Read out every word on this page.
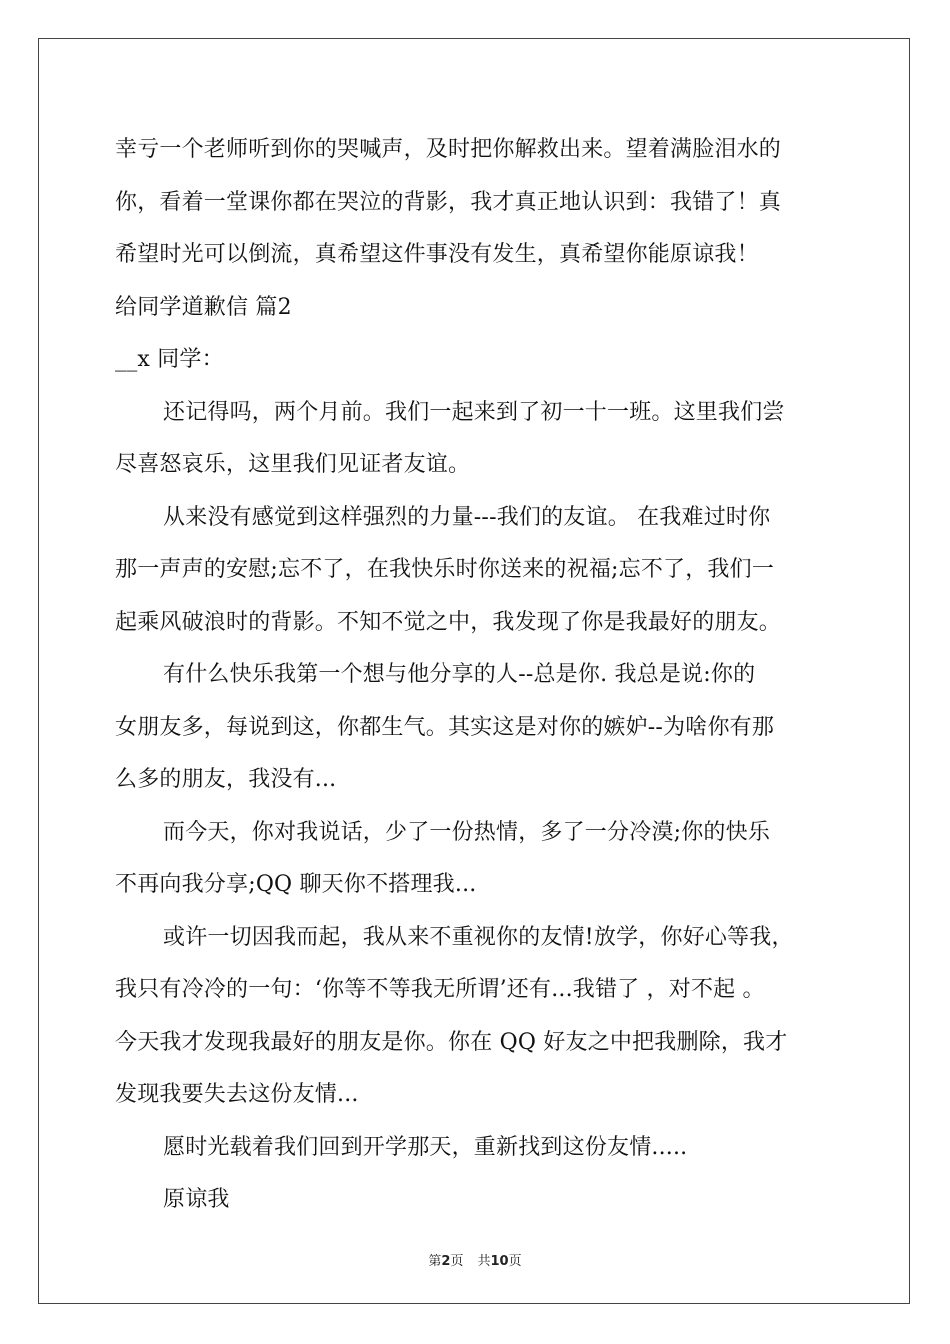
幸亏一个老师听到你的哭喊声，及时把你解救出来。望着满脸泪水的
你，看着一堂课你都在哭泣的背影，我才真正地认识到：我错了！真
希望时光可以倒流，真希望这件事没有发生，真希望你能原谅我！
给同学道歉信 篇2
__x 同学：
还记得吗，两个月前。我们一起来到了初一十一班。这里我们尝
尽喜怒哀乐，这里我们见证者友谊。
从来没有感觉到这样强烈的力量---我们的友谊。 在我难过时你
那一声声的安慰;忘不了，在我快乐时你送来的祝福;忘不了，我们一
起乘风破浪时的背影。不知不觉之中，我发现了你是我最好的朋友。
有什么快乐我第一个想与他分享的人--总是你. 我总是说:你的
女朋友多，每说到这，你都生气。其实这是对你的嫉妒--为啥你有那
么多的朋友，我没有...
而今天，你对我说话，少了一份热情，多了一分冷漠;你的快乐
不再向我分享;QQ 聊天你不搭理我...
或许一切因我而起，我从来不重视你的友情!放学，你好心等我，
我只有冷冷的一句：‘你等不等我无所谓’还有...我错了 ，对不起 。
今天我才发现我最好的朋友是你。你在 QQ 好友之中把我删除，我才
发现我要失去这份友情...
愿时光载着我们回到开学那天，重新找到这份友情.....
原谅我
第2页 共10页
